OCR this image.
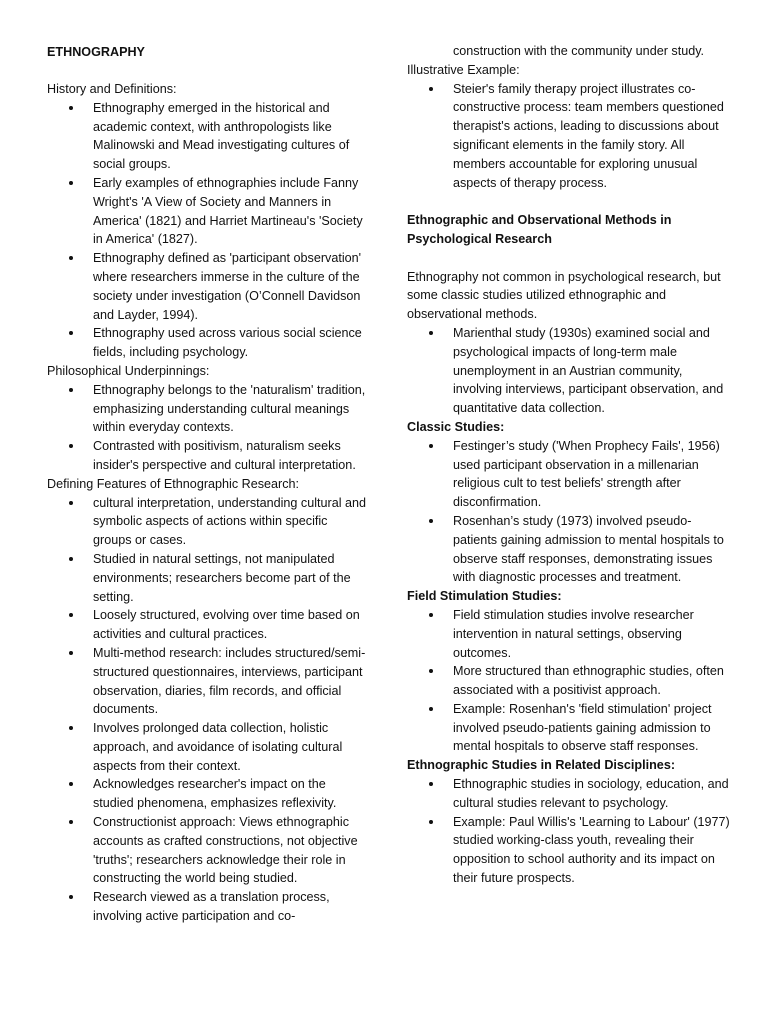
ETHNOGRAPHY

History and Definitions:

Ethnography emerged in the historical and academic context, with anthropologists like Malinowski and Mead investigating cultures of social groups.
Early examples of ethnographies include Fanny Wright's 'A View of Society and Manners in America' (1821) and Harriet Martineau's 'Society in America' (1827).
Ethnography defined as 'participant observation' where researchers immerse in the culture of the society under investigation (O’Connell Davidson and Layder, 1994).
Ethnography used across various social science fields, including psychology.

Philosophical Underpinnings:

Ethnography belongs to the 'naturalism' tradition, emphasizing understanding cultural meanings within everyday contexts.
Contrasted with positivism, naturalism seeks insider's perspective and cultural interpretation.

Defining Features of Ethnographic Research:

cultural interpretation, understanding cultural and symbolic aspects of actions within specific groups or cases.
Studied in natural settings, not manipulated environments; researchers become part of the setting.
Loosely structured, evolving over time based on activities and cultural practices.
Multi-method research: includes structured/semi-structured questionnaires, interviews, participant observation, diaries, film records, and official documents.
Involves prolonged data collection, holistic approach, and avoidance of isolating cultural aspects from their context.
Acknowledges researcher's impact on the studied phenomena, emphasizes reflexivity.
Constructionist approach: Views ethnographic accounts as crafted constructions, not objective 'truths'; researchers acknowledge their role in constructing the world being studied.
Research viewed as a translation process, involving active participation and co-

construction with the community under study.

Illustrative Example:

Steier's family therapy project illustrates co-constructive process: team members questioned therapist's actions, leading to discussions about significant elements in the family story. All members accountable for exploring unusual aspects of therapy process.

Ethnographic and Observational Methods in Psychological Research

Ethnography not common in psychological research, but some classic studies utilized ethnographic and observational methods.

Marienthal study (1930s) examined social and psychological impacts of long-term male unemployment in an Austrian community, involving interviews, participant observation, and quantitative data collection.

Classic Studies:

Festinger’s study ('When Prophecy Fails', 1956) used participant observation in a millenarian religious cult to test beliefs' strength after disconfirmation.
Rosenhan’s study (1973) involved pseudo-patients gaining admission to mental hospitals to observe staff responses, demonstrating issues with diagnostic processes and treatment.

Field Stimulation Studies:

Field stimulation studies involve researcher intervention in natural settings, observing outcomes.
More structured than ethnographic studies, often associated with a positivist approach.
Example: Rosenhan's 'field stimulation' project involved pseudo-patients gaining admission to mental hospitals to observe staff responses.

Ethnographic Studies in Related Disciplines:

Ethnographic studies in sociology, education, and cultural studies relevant to psychology.
Example: Paul Willis's 'Learning to Labour' (1977) studied working-class youth, revealing their opposition to school authority and its impact on their future prospects.
